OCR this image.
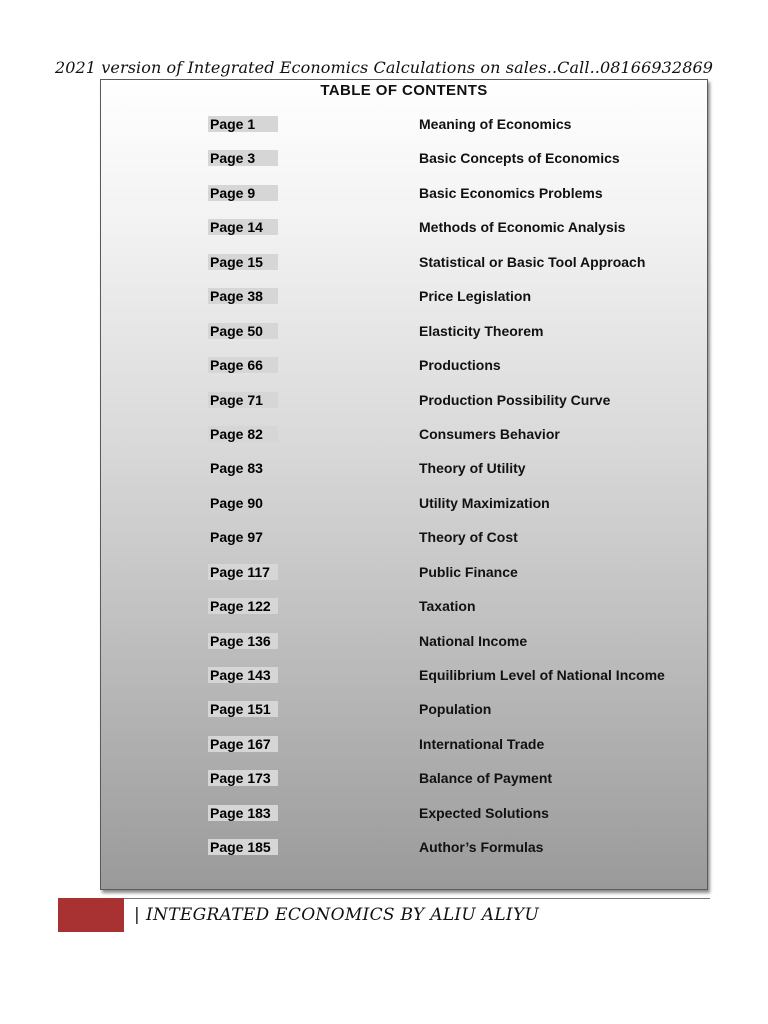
2021 version of Integrated Economics Calculations on sales..Call..08166932869
TABLE OF CONTENTS
Page 1	Meaning of Economics
Page 3	Basic Concepts of Economics
Page 9	Basic Economics Problems
Page 14	Methods of Economic Analysis
Page 15	Statistical or Basic Tool Approach
Page 38	Price Legislation
Page 50	Elasticity Theorem
Page 66	Productions
Page 71	Production Possibility Curve
Page 82	Consumers Behavior
Page 83	Theory of Utility
Page 90	Utility Maximization
Page 97	Theory of Cost
Page 117	Public Finance
Page 122	Taxation
Page 136	National Income
Page 143	Equilibrium Level of National Income
Page 151	Population
Page 167	International Trade
Page 173	Balance of Payment
Page 183	Expected Solutions
Page 185	Author’s Formulas
| INTEGRATED ECONOMICS BY ALIU ALIYU
